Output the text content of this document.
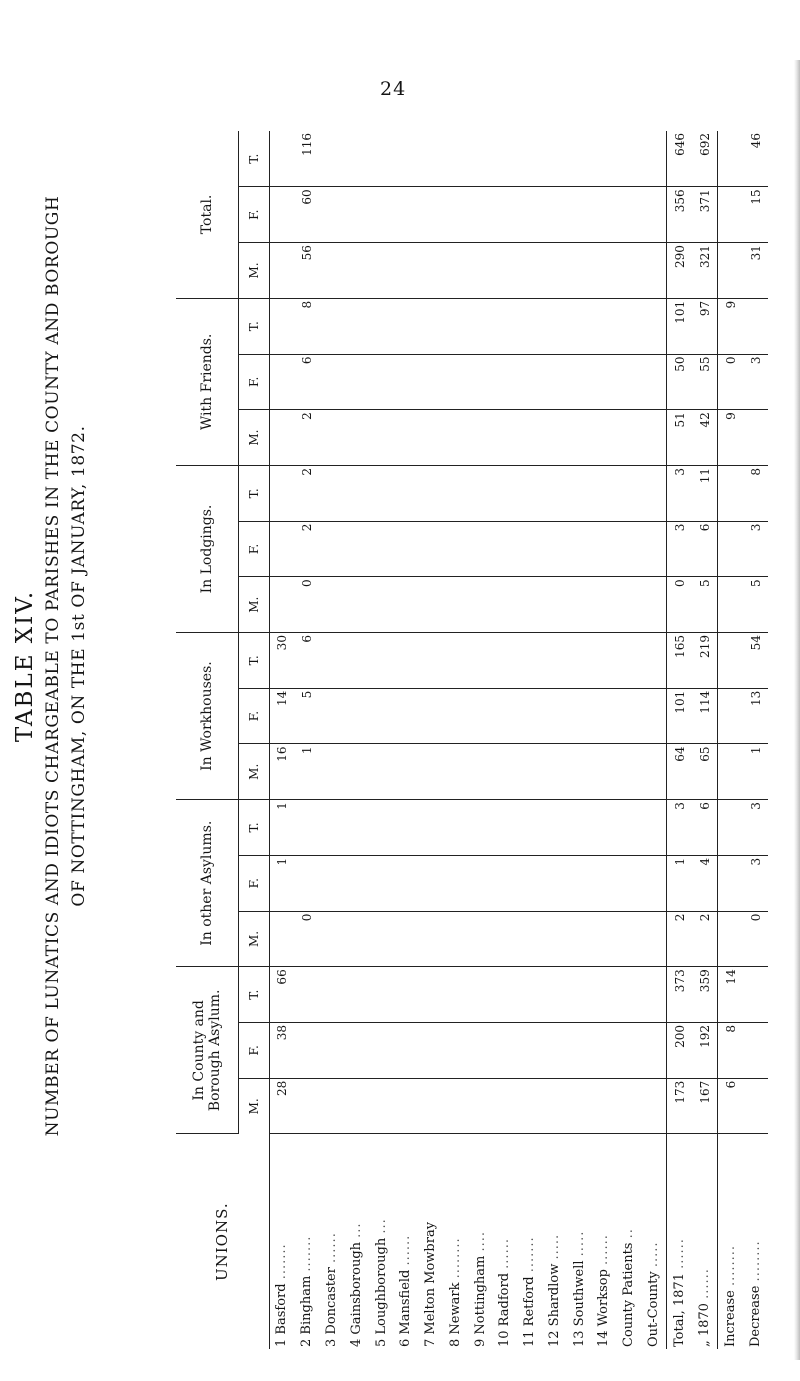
24

TABLE XIV. NUMBER OF LUNATICS AND IDIOTS CHARGEABLE TO PARISHES IN THE COUNTY AND BOROUGH OF NOTTINGHAM, ON THE 1st OF JANUARY, 1872.

UNIONS.	In County and Borough Asylum.			In other Asylums.			In Workhouses.			In Lodgings.			With Friends.			Total.		
	M.	F.	T.	M.	F.	T.	M.	F.	T.	M.	F.	T.	M.	F.	T.	M.	F.	T.
1 Basford .......	28	38	66		1	1	16	14	30									
2 Bingham .......				0			1	5	6	0	2	2	2	6	8	56	60	116
3 Doncaster ......																		
4 Gainsborough ...																		
5 Loughborough ...																		
6 Mansfield ......																		
7 Melton Mowbray																		
8 Newark ........																		
9 Nottingham ....																		
10 Radford ......																		
11 Retford .......																		
12 Shardlow .....																		
13 Southwell .....																		
14 Worksop ......																		
County Patients ..																		
Out-County .....																		
Total, 1871 ......	173	200	373	2	1	3	64	101	165	0	3	3	51	50	101	290	356	646
„ 1870 ......	167	192	359	2	4	6	65	114	219	5	6	11	42	55	97	321	371	692
Increase ........	6	8	14										9	0	9			
Decrease ........				0	3	3	1	13	54	5	3	8		3		31	15	46
